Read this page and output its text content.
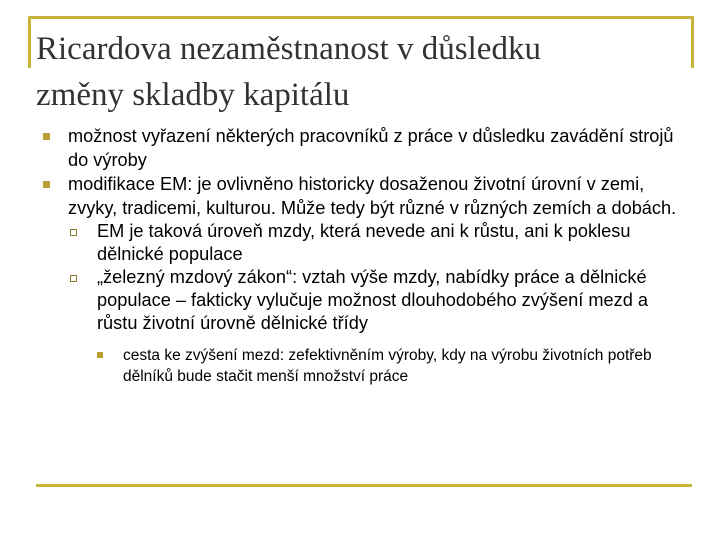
Ricardova nezaměstnanost v důsledku
změny skladby kapitálu
možnost vyřazení některých pracovníků z práce v důsledku zavádění strojů do výroby
modifikace EM: je ovlivněno historicky dosaženou životní úrovní v zemi, zvyky, tradicemi, kulturou. Může tedy být různé v různých zemích a dobách.
EM je taková úroveň mzdy, která nevede ani k růstu, ani k poklesu dělnické populace
„železný mzdový zákon“: vztah výše mzdy, nabídky práce a dělnické populace – fakticky vylučuje možnost dlouhodobého zvýšení mezd a růstu životní úrovně dělnické třídy
cesta ke zvýšení mezd: zefektivněním výroby, kdy na výrobu životních potřeb dělníků bude stačit menší množství práce
